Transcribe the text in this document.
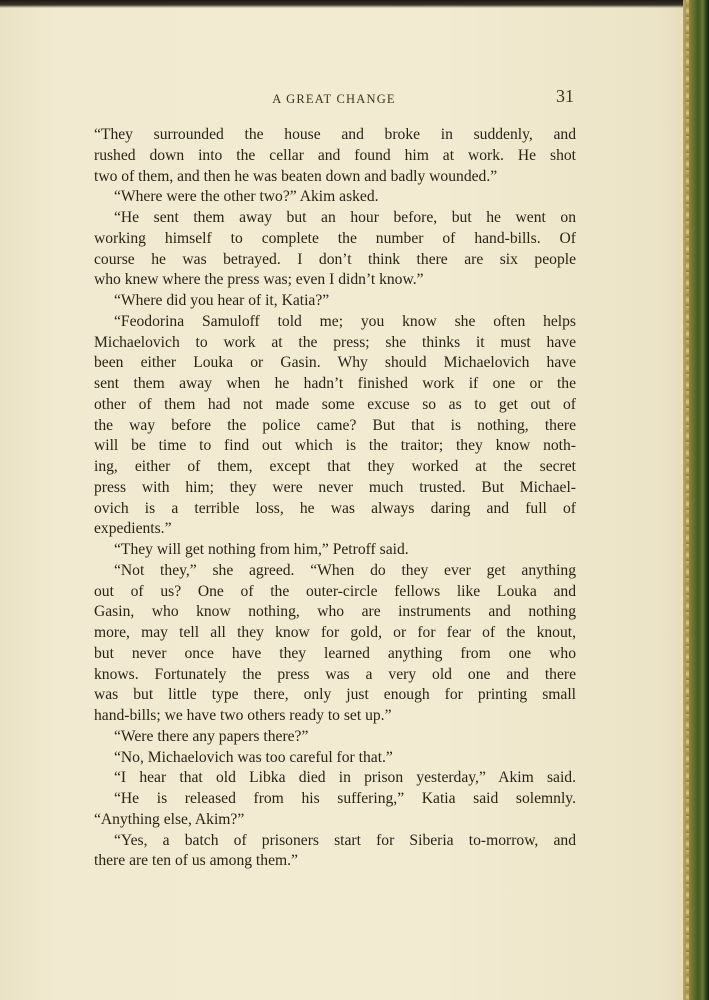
A GREAT CHANGE	31
“They surrounded the house and broke in suddenly, and
rushed down into the cellar and found him at work. He shot
two of them, and then he was beaten down and badly wounded.”
“Where were the other two?” Akim asked.
“He sent them away but an hour before, but he went on
working himself to complete the number of hand-bills. Of
course he was betrayed. I don’t think there are six people
who knew where the press was; even I didn’t know.”
“Where did you hear of it, Katia?”
“Feodorina Samuloff told me; you know she often helps
Michaelovich to work at the press; she thinks it must have
been either Louka or Gasin. Why should Michaelovich have
sent them away when he hadn’t finished work if one or the
other of them had not made some excuse so as to get out of
the way before the police came? But that is nothing, there
will be time to find out which is the traitor; they know noth-
ing, either of them, except that they worked at the secret
press with him; they were never much trusted. But Michael-
ovich is a terrible loss, he was always daring and full of
expedients.”
“They will get nothing from him,” Petroff said.
“Not they,” she agreed. “When do they ever get anything
out of us? One of the outer-circle fellows like Louka and
Gasin, who know nothing, who are instruments and nothing
more, may tell all they know for gold, or for fear of the knout,
but never once have they learned anything from one who
knows. Fortunately the press was a very old one and there
was but little type there, only just enough for printing small
hand-bills; we have two others ready to set up.”
“Were there any papers there?”
“No, Michaelovich was too careful for that.”
“I hear that old Libka died in prison yesterday,” Akim said.
“He is released from his suffering,” Katia said solemnly.
“Anything else, Akim?”
“Yes, a batch of prisoners start for Siberia to-morrow, and
there are ten of us among them.”
